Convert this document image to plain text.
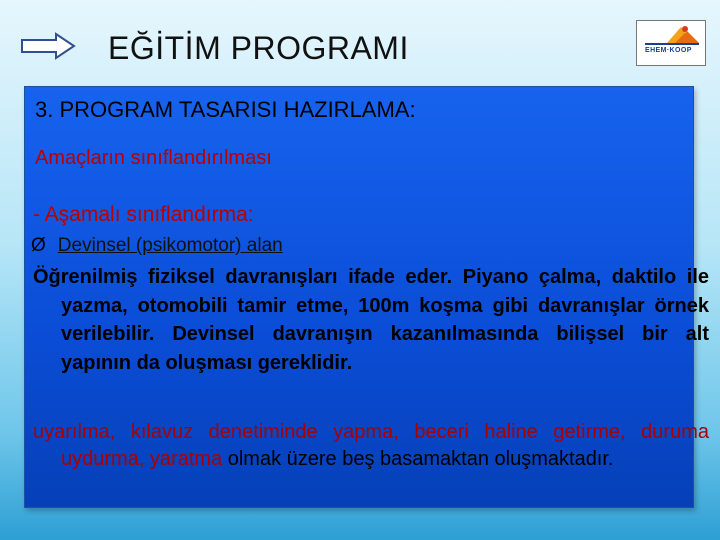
EĞİTİM PROGRAMI	EHEM·KOOP
3. PROGRAM TASARISI HAZIRLAMA:
Amaçların sınıflandırılması
- Aşamalı sınıflandırma:
Ø Devinsel (psikomotor) alan

Öğrenilmiş fiziksel davranışları ifade eder. Piyano çalma, daktilo ile yazma, otomobili tamir etme, 100m koşma gibi davranışlar örnek verilebilir. Devinsel davranışın kazanılmasında bilişsel bir alt yapının da oluşması gereklidir.

uyarılma, kılavuz denetiminde yapma, beceri haline getirme, duruma uydurma, yaratma olmak üzere beş basamaktan oluşmaktadır.
